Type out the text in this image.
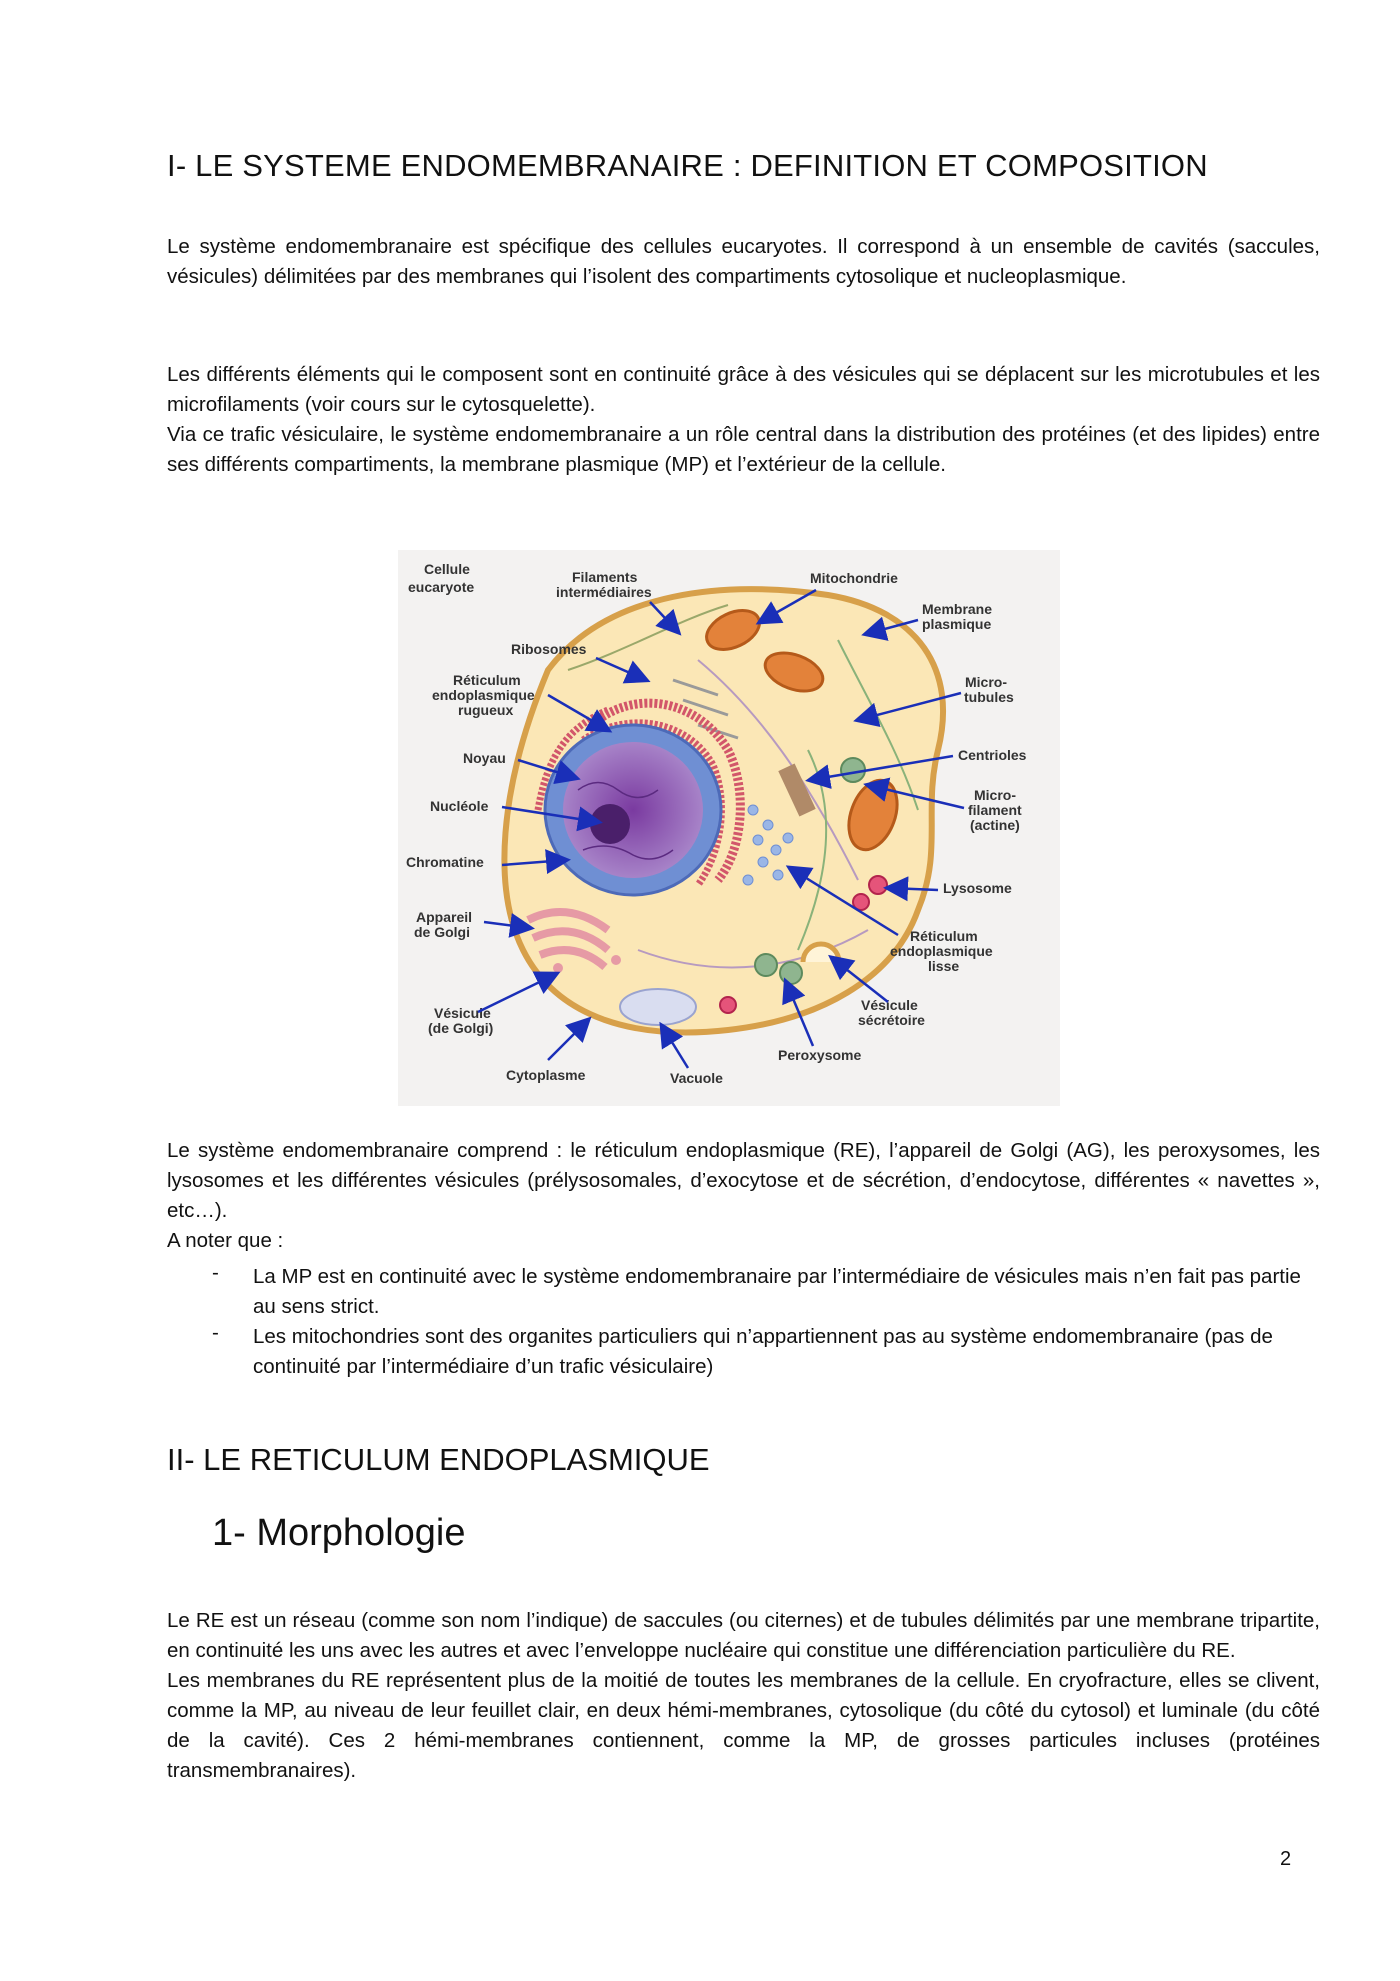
I- LE SYSTEME ENDOMEMBRANAIRE : DEFINITION ET COMPOSITION

Le système endomembranaire est spécifique des cellules eucaryotes. Il correspond à un ensemble de cavités (saccules, vésicules) délimitées par des membranes qui l’isolent des compartiments cytosolique et nucleoplasmique.

Les différents éléments qui le composent sont en continuité grâce à des vésicules qui se déplacent sur les microtubules et les microfilaments (voir cours sur le cytosquelette).
Via ce trafic vésiculaire, le système endomembranaire a un rôle central dans la distribution des protéines (et des lipides) entre ses différents compartiments, la membrane plasmique (MP) et l’extérieur de la cellule.
Cellule
eucaryote
Filaments
intermédiaires
Mitochondrie
Membrane
plasmique
Ribosomes
Réticulum
endoplasmique
rugueux
Micro-
tubules
Noyau	Centrioles
Nucléole
Micro-
filament
(actine)
Chromatine
Lysosome
Appareil
de Golgi	Réticulum
endoplasmique
lisse
Vésicule
(de Golgi)
Vésicule
sécrétoire
Peroxysome
Cytoplasme	Vacuole

Le système endomembranaire comprend : le réticulum endoplasmique (RE), l’appareil de Golgi (AG), les peroxysomes, les lysosomes et les différentes vésicules (prélysosomales, d’exocytose et de sécrétion, d’endocytose, différentes « navettes », etc…).
A noter que :

- La MP est en continuité avec le système endomembranaire par l’intermédiaire de vésicules mais n’en fait pas partie au sens strict.
- Les mitochondries sont des organites particuliers qui n’appartiennent pas au système endomembranaire (pas de continuité par l’intermédiaire d’un trafic vésiculaire)
II- LE RETICULUM ENDOPLASMIQUE
1- Morphologie
Le RE est un réseau (comme son nom l’indique) de saccules (ou citernes) et de tubules délimités par une membrane tripartite, en continuité les uns avec les autres et avec l’enveloppe nucléaire qui constitue une différenciation particulière du RE.
Les membranes du RE représentent plus de la moitié de toutes les membranes de la cellule. En cryofracture, elles se clivent, comme la MP, au niveau de leur feuillet clair, en deux hémi-membranes, cytosolique (du côté du cytosol) et luminale (du côté de la cavité). Ces 2 hémi-membranes contiennent, comme la MP, de grosses particules incluses (protéines transmembranaires).
2
